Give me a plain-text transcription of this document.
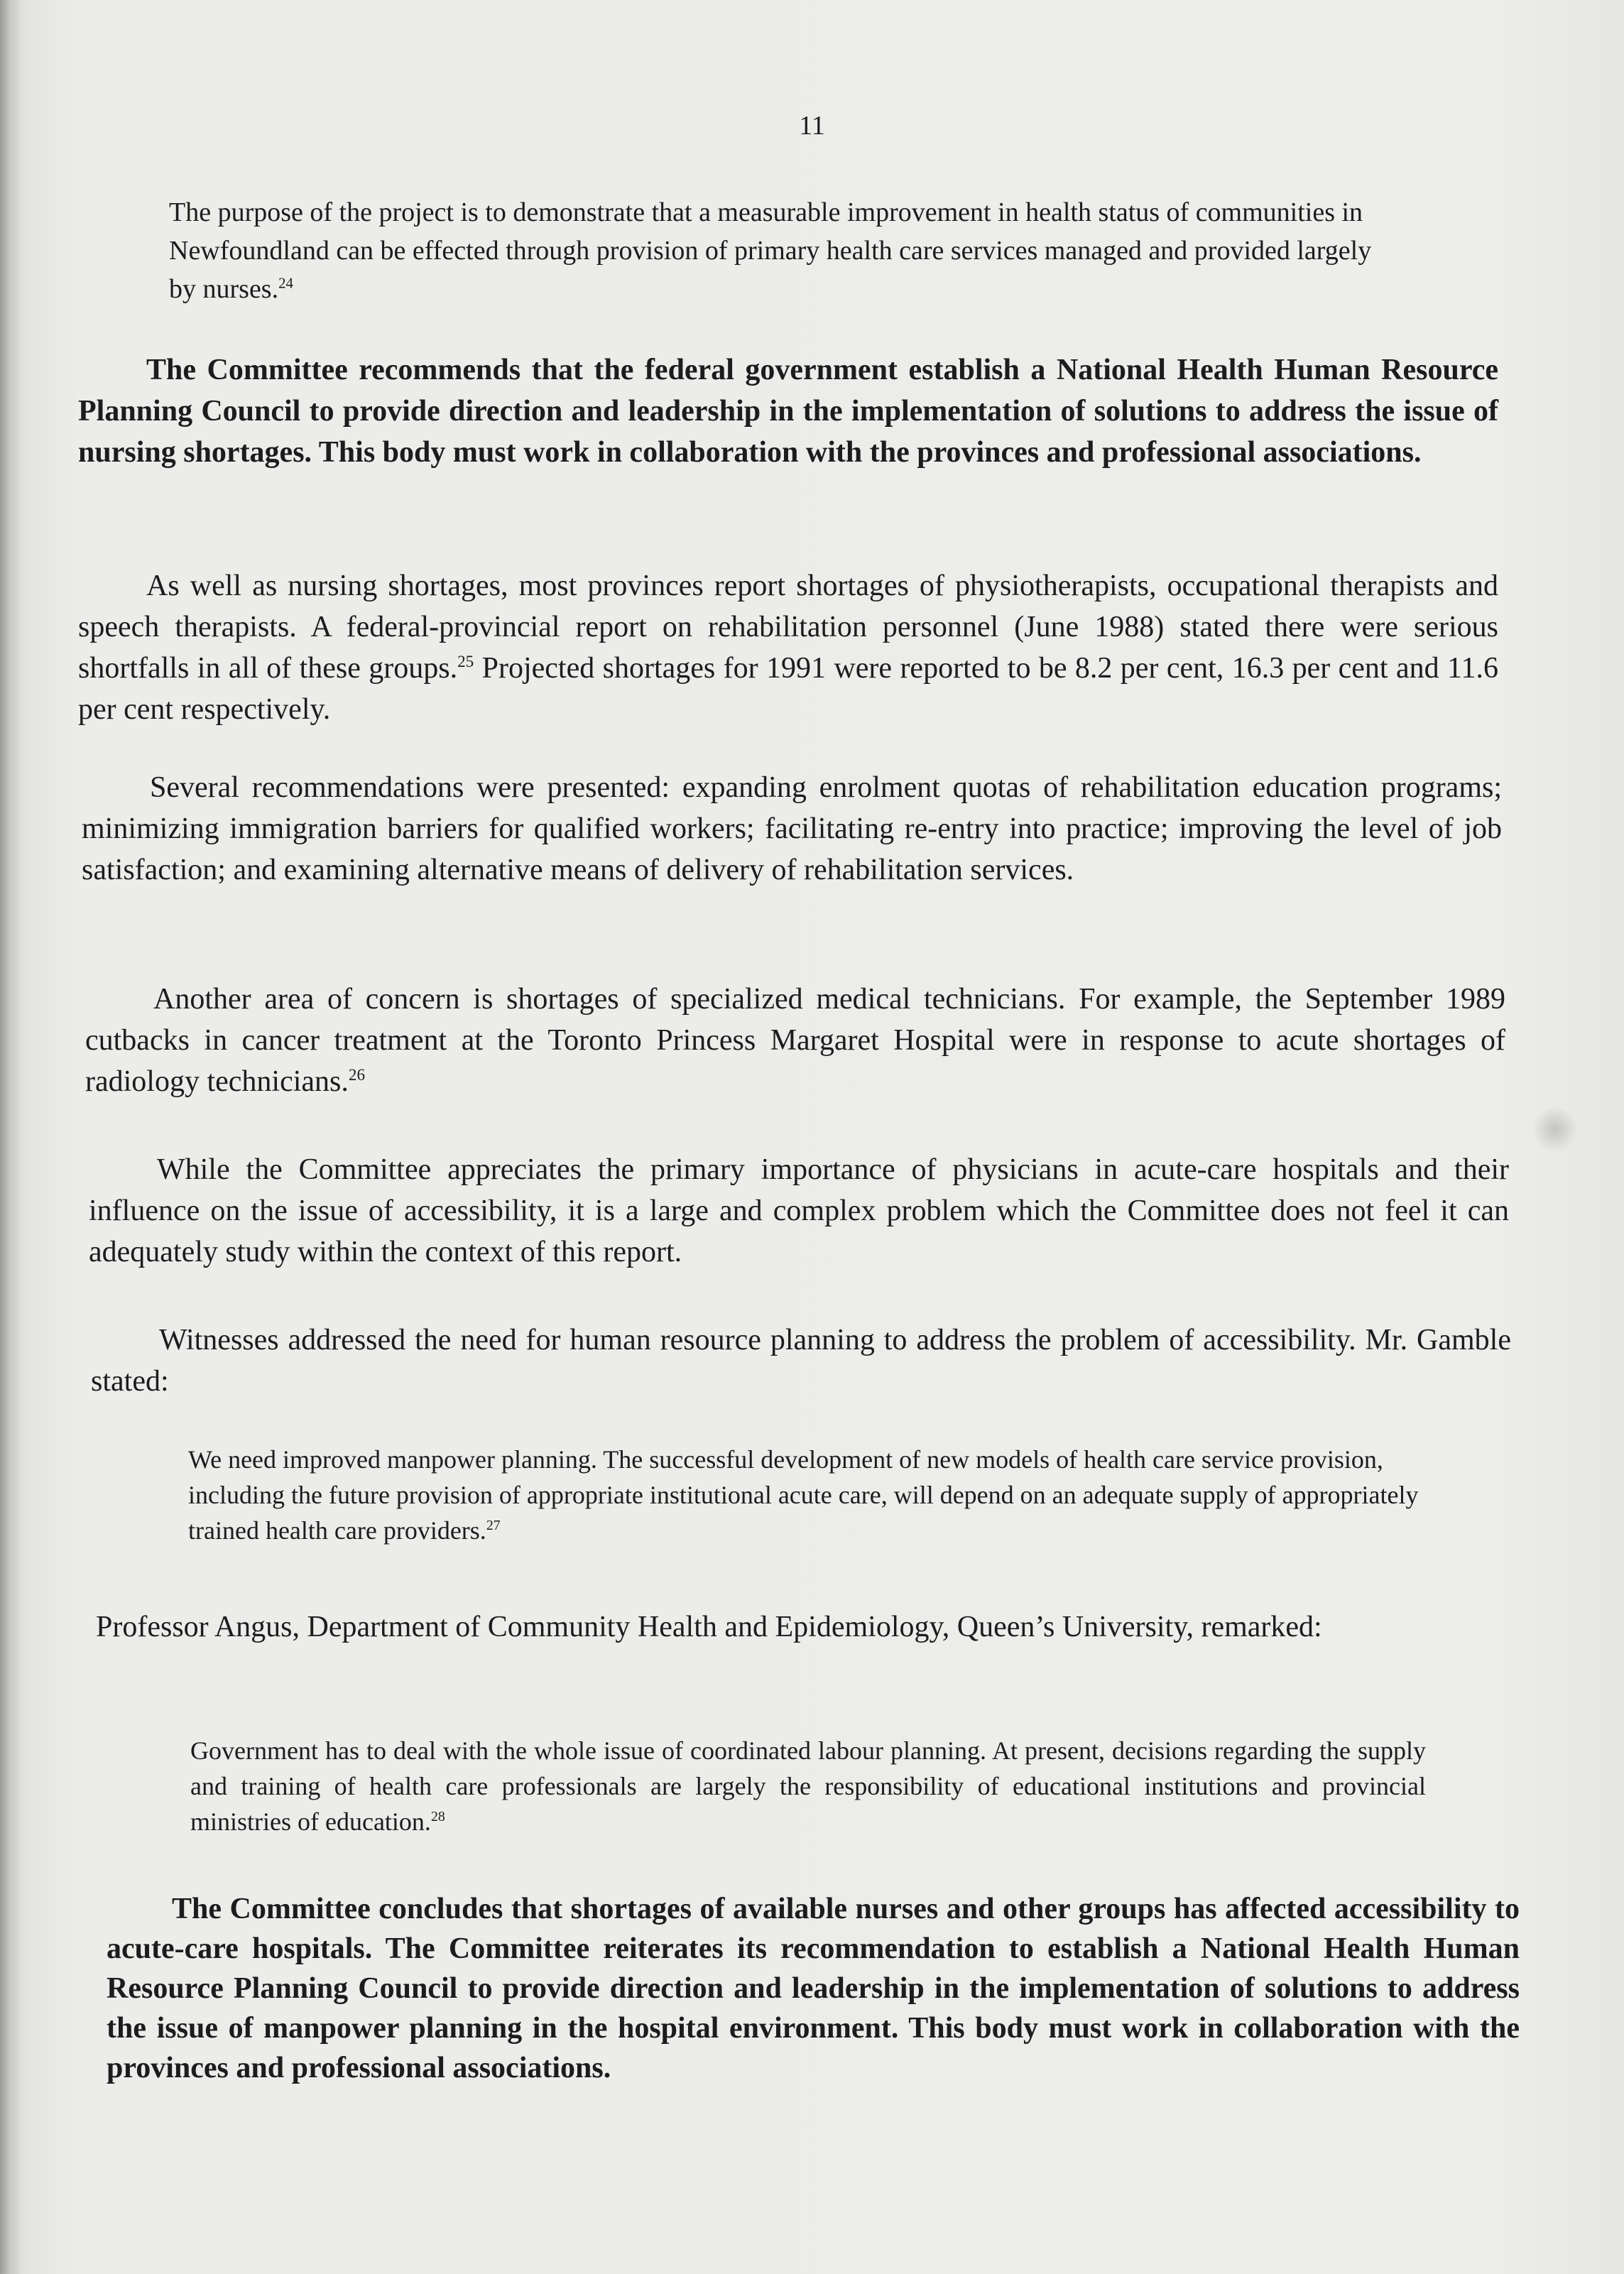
11

The purpose of the project is to demonstrate that a measurable improvement in health status of communities in Newfoundland can be effected through provision of primary health care services managed and provided largely by nurses.$^{24}$

The Committee recommends that the federal government establish a National Health Human Resource Planning Council to provide direction and leadership in the implementation of solutions to address the issue of nursing shortages. This body must work in collaboration with the provinces and professional associations.

As well as nursing shortages, most provinces report shortages of physiotherapists, occupational therapists and speech therapists. A federal-provincial report on rehabilitation personnel (June 1988) stated there were serious shortfalls in all of these groups.$^{25}$ Projected shortages for 1991 were reported to be 8.2 per cent, 16.3 per cent and 11.6 per cent respectively.

Several recommendations were presented: expanding enrolment quotas of rehabilitation education programs; minimizing immigration barriers for qualified workers; facilitating re-entry into practice; improving the level of job satisfaction; and examining alternative means of delivery of rehabilitation services.

Another area of concern is shortages of specialized medical technicians. For example, the September 1989 cutbacks in cancer treatment at the Toronto Princess Margaret Hospital were in response to acute shortages of radiology technicians.$^{26}$

While the Committee appreciates the primary importance of physicians in acute-care hospitals and their influence on the issue of accessibility, it is a large and complex problem which the Committee does not feel it can adequately study within the context of this report.

Witnesses addressed the need for human resource planning to address the problem of accessibility. Mr. Gamble stated:

We need improved manpower planning. The successful development of new models of health care service provision, including the future provision of appropriate institutional acute care, will depend on an adequate supply of appropriately trained health care providers.$^{27}$

Professor Angus, Department of Community Health and Epidemiology, Queen’s University, remarked:

Government has to deal with the whole issue of coordinated labour planning. At present, decisions regarding the supply and training of health care professionals are largely the responsibility of educational institutions and provincial ministries of education.$^{28}$

The Committee concludes that shortages of available nurses and other groups has affected accessibility to acute-care hospitals. The Committee reiterates its recommendation to establish a National Health Human Resource Planning Council to provide direction and leadership in the implementation of solutions to address the issue of manpower planning in the hospital environment. This body must work in collaboration with the provinces and professional associations.
